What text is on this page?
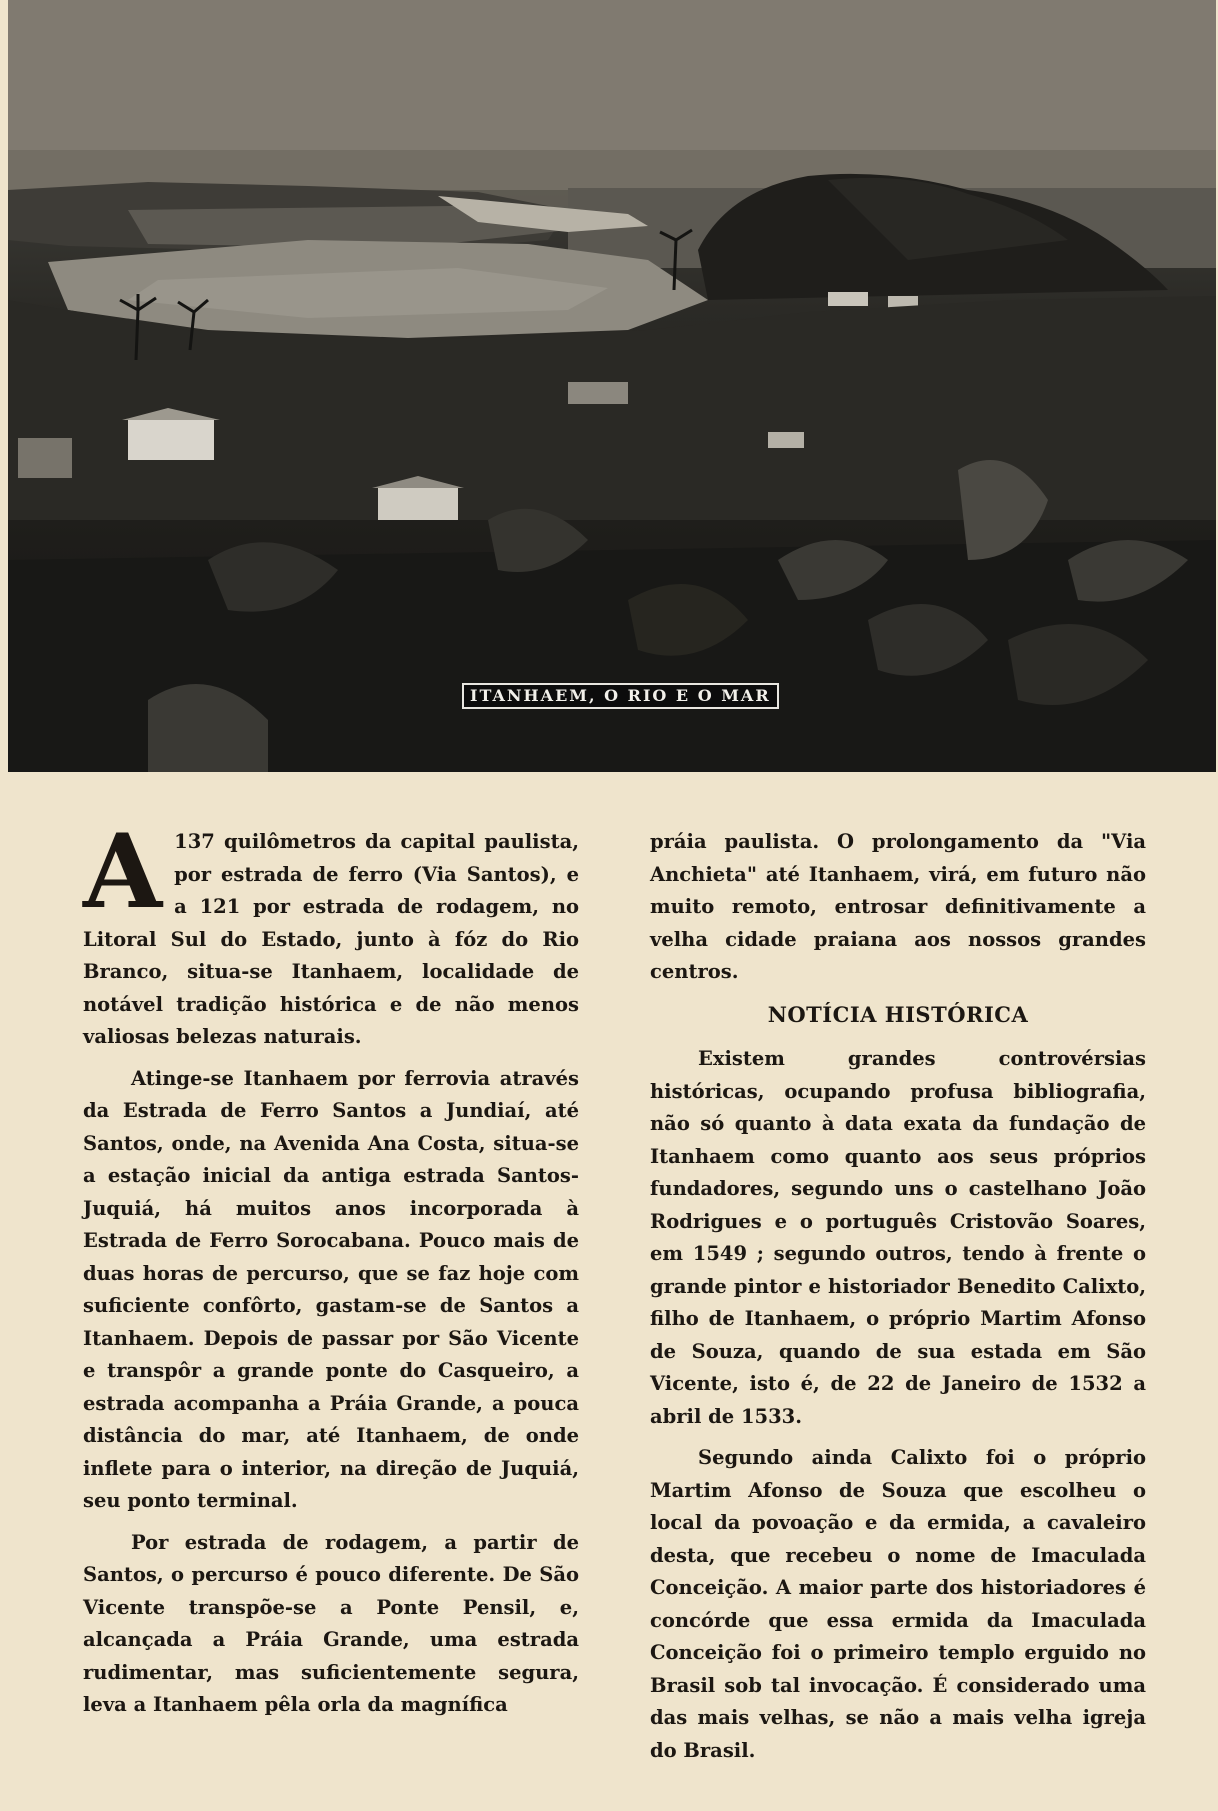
ITANHAEM, O RIO E O MAR

A 137 quilômetros da capital paulista, por estrada de ferro (Via Santos), e a 121 por estrada de rodagem, no Litoral Sul do Estado, junto à fóz do Rio Branco, situa-se Itanhaem, localidade de notável tradição histórica e de não menos valiosas belezas naturais.

Atinge-se Itanhaem por ferrovia através da Estrada de Ferro Santos a Jundiaí, até Santos, onde, na Avenida Ana Costa, situa-se a estação inicial da antiga estrada Santos-Juquiá, há muitos anos incorporada à Estrada de Ferro Sorocabana. Pouco mais de duas horas de percurso, que se faz hoje com suficiente confôrto, gastam-se de Santos a Itanhaem. Depois de passar por São Vicente e transpôr a grande ponte do Casqueiro, a estrada acompanha a Práia Grande, a pouca distância do mar, até Itanhaem, de onde inflete para o interior, na direção de Juquiá, seu ponto terminal.

Por estrada de rodagem, a partir de Santos, o percurso é pouco diferente. De São Vicente transpõe-se a Ponte Pensil, e, alcançada a Práia Grande, uma estrada rudimentar, mas suficientemente segura, leva a Itanhaem pêla orla da magnífica

práia paulista. O prolongamento da "Via Anchieta" até Itanhaem, virá, em futuro não muito remoto, entrosar definitivamente a velha cidade praiana aos nossos grandes centros.

NOTÍCIA HISTÓRICA

Existem grandes controvérsias históricas, ocupando profusa bibliografia, não só quanto à data exata da fundação de Itanhaem como quanto aos seus próprios fundadores, segundo uns o castelhano João Rodrigues e o português Cristovão Soares, em 1549 ; segundo outros, tendo à frente o grande pintor e historiador Benedito Calixto, filho de Itanhaem, o próprio Martim Afonso de Souza, quando de sua estada em São Vicente, isto é, de 22 de Janeiro de 1532 a abril de 1533.

Segundo ainda Calixto foi o próprio Martim Afonso de Souza que escolheu o local da povoação e da ermida, a cavaleiro desta, que recebeu o nome de Imaculada Conceição. A maior parte dos historiadores é concórde que essa ermida da Imaculada Conceição foi o primeiro templo erguido no Brasil sob tal invocação. É considerado uma das mais velhas, se não a mais velha igreja do Brasil.
